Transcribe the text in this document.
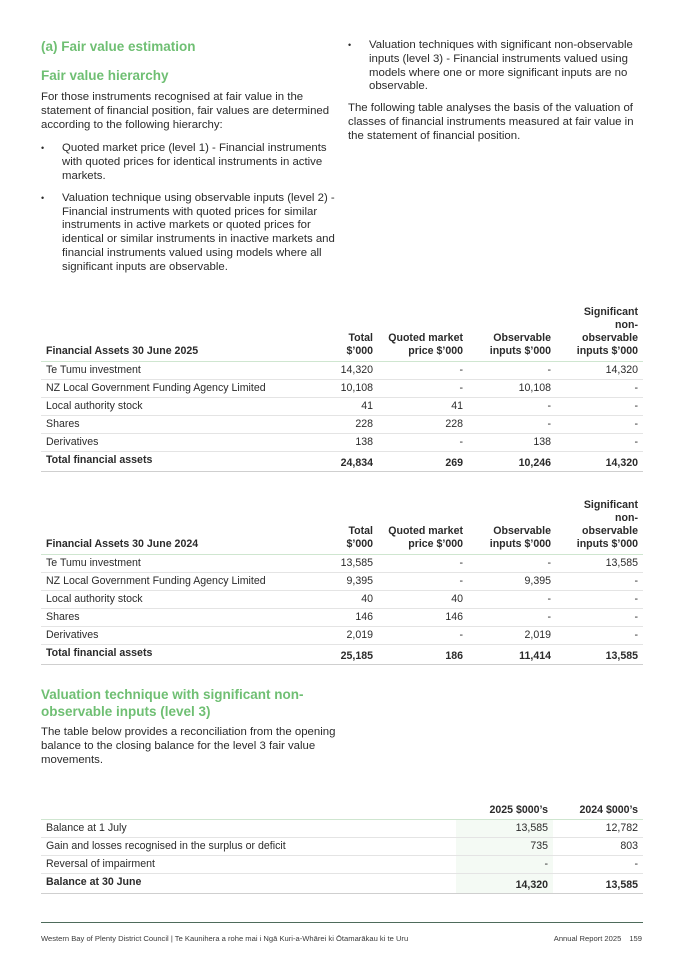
(a) Fair value estimation
Fair value hierarchy

For those instruments recognised at fair value in the statement of financial position, fair values are determined according to the following hierarchy:

• Quoted market price (level 1) - Financial instruments with quoted prices for identical instruments in active markets.
• Valuation technique using observable inputs (level 2) - Financial instruments with quoted prices for similar instruments in active markets or quoted prices for identical or similar instruments in inactive markets and financial instruments valued using models where all significant inputs are observable.
• Valuation techniques with significant non-observable inputs (level 3) - Financial instruments valued using models where one or more significant inputs are no observable.

The following table analyses the basis of the valuation of classes of financial instruments measured at fair value in the statement of financial position.

Financial Assets 30 June 2025	Total $’000	Quoted market price $’000	Observable inputs $’000	Significant non-observable inputs $’000
Te Tumu investment	14,320	-	-	14,320
NZ Local Government Funding Agency Limited	10,108	-	10,108	-
Local authority stock	41	41	-	-
Shares	228	228	-	-
Derivatives	138	-	138	-
Total financial assets	24,834	269	10,246	14,320
Financial Assets 30 June 2024	Total $’000	Quoted market price $’000	Observable inputs $’000	Significant non-observable inputs $’000
Te Tumu investment	13,585	-	-	13,585
NZ Local Government Funding Agency Limited	9,395	-	9,395	-
Local authority stock	40	40	-	-
Shares	146	146	-	-
Derivatives	2,019	-	2,019	-
Total financial assets	25,185	186	11,414	13,585
Valuation technique with significant non-observable inputs (level 3)

The table below provides a reconciliation from the opening balance to the closing balance for the level 3 fair value movements.

	2025 $000’s	2024 $000’s
Balance at 1 July	13,585	12,782
Gain and losses recognised in the surplus or deficit	735	803
Reversal of impairment	-	-
Balance at 30 June	14,320	13,585
Western Bay of Plenty District Council | Te Kaunihera a rohe mai i Ngā Kuri-a-Whārei ki Ōtamarākau ki te Uru	Annual Report 2025 159
